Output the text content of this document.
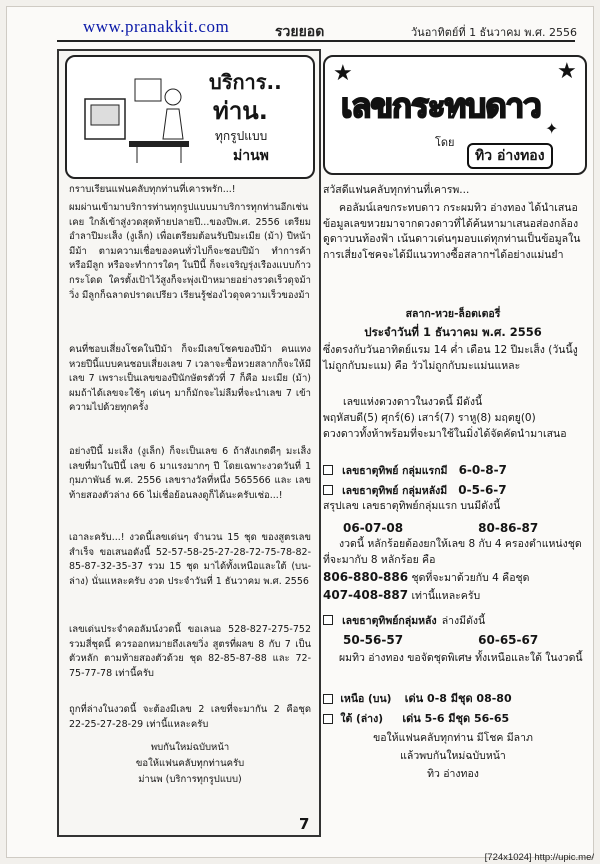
www.pranakkit.com	รวยยอด	วันอาทิตย์ที่ 1 ธันวาคม พ.ศ. 2556
บริการ..
ท่าน.
ทุกรูปแบบ
ม่านพ
กราบเรียนแฟนคลับทุกท่านที่เคารพรัก...!
ผมผ่านเข้ามาบริการท่านทุกรูปแบบมาบริการทุกท่านอีกเช่นเคย ใกล้เข้าสู่งวดสุดท้ายปลายปี...ของปีพ.ศ. 2556 เตรียมอำลาปีมะเส็ง (งูเล็ก) เพื่อเตรียมต้อนรับปีมะเมีย (ม้า) ปีหน้ามีม้า ตามความเชื่อของคนทั่วไปก็จะชอบปีม้า ทำการค้า หรือมีลูก หรือจะทำการใดๆ ในปีนี้ ก็จะเจริญรุ่งเรืองแบบก้าวกระโดด ใครตั้งเป้าไว้สูงก็จะพุ่งเป้าหมายอย่างรวดเร็วดุจม้าวิ่ง มีลูกก็ฉลาดปราดเปรียว เรียนรู้ช่องไวดุจความเร็วของม้า
คนที่ชอบเสี่ยงโชคในปีม้า ก็จะมีเลขโชคของปีม้า คนแทงหวยปีนี้แบบคนชอบเสี่ยงเลข 7 เวลาจะซื้อหวยสลากก็จะให้มีเลข 7 เพราะเป็นเลขของปีนักษัตรตัวที่ 7 ก็คือ มะเมีย (ม้า) ผมถ้าได้เลขจะใช้ๆ เด่นๆ มาก็มักจะไม่ลืมที่จะนำเลข 7 เข้าความไปด้วยทุกครั้ง
อย่างปีนี้ มะเส็ง (งูเล็ก) ก็จะเป็นเลข 6 ถ้าสังเกตดีๆ มะเส็ง เลขที่มาในปีนี้ เลข 6 มาแรงมากๆ ปี โดยเฉพาะงวดวันที่ 1 กุมภาพันธ์ พ.ศ. 2556 เลขรางวัลที่หนึ่ง 565566 และ เลขท้ายสองตัวล่าง 66 ไม่เชื่อย้อนลงดูก็ได้นะครับเช่อ...!
เอาละครับ...! งวดนี้เลขเด่นๆ จำนวน 15 ชุด ของสูตรเลขสำเร็จ ขอเสนอดังนี้ 52-57-58-25-27-28-72-75-78-82-85-87-32-35-37 รวม 15 ชุด มาได้ทั้งเหนือและใต้ (บน-ล่าง) นั่นแหละครับ งวด ประจำวันที่ 1 ธันวาคม พ.ศ. 2556
เลขเด่นประจำคอลัมน์งวดนี้ ขอเลนอ 528-827-275-752 รวมสี่ชุดนี้ ควรออกหมายถึงเลขวิ่ง สูตรที่ผลข 8 กับ 7 เป็นตัวหลัก ตามท้ายสองตัวด้วย ชุด 82-85-87-88 และ 72-75-77-78 เท่านี้ครับ
ถูกที่ล่างในงวดนี้ จะต้องมีเลข 2 เลขที่จะมากัน 2 คือชุด 22-25-27-28-29 เท่านี้แหละครับ
พบกันใหม่ฉบับหน้า
ขอให้แฟนคลับทุกท่านครับ
ม่านพ (บริการทุกรูปแบบ)
★	★
✦
เลขกระทบดาว
โดย
ทิว อ่างทอง
สวัสดีแฟนคลับทุกท่านที่เคารพ...
คอลัมน์เลขกระทบดาว กระผมทิว อ่างทอง ได้นำเสนอข้อมูลเลขหวยมาจากดวงดาวที่ได้ค้นหามาเสนอส่องกล้องดูดาวบนท้องฟ้า เน้นดาวเด่นๆมอบแด่ทุกท่านเป็นข้อมูลในการเสี่ยงโชคจะได้มีแนวทางซื้อสลากฯได้อย่างแม่นยำ
สลาก-หวย-ล็อตเตอรี่
ประจำวันที่ 1 ธันวาคม พ.ศ. 2556
ซึ่งตรงกับวันอาทิตย์แรม 14 ค่ำ เดือน 12 ปีมะเส็ง (วันนี้งูไม่ถูกกับมะแม) คือ วัวไม่ถูกกับมะแม่นแหละ
เลขแห่งดวงดาวในงวดนี้ มีดังนี้
พฤหัสบดี(5) ศุกร์(6) เสาร์(7) ราหู(8) มฤตยู(0)
ดวงดาวทั้งห้าพร้อมที่จะมาใช้ในมิ่งได้จัดคัดนำมาเสนอ
เลขธาตุทิพย์ กลุ่มแรกมี 6-0-8-7
เลขธาตุทิพย์ กลุ่มหลังมี 0-5-6-7
สรุปเลข เลขธาตุทิพย์กลุ่มแรก บนมีดังนี้
06-07-08	80-86-87
งวดนี้ หลักร้อยต้องยกให้เลข 8 กับ 4 ครองตำแหน่งชุดที่จะมากับ 8 หลักร้อย คือ
806-880-886 ชุดที่จะมาด้วยกับ 4 คือชุด
407-408-887 เท่านี้แหละครับ
เลขธาตุทิพย์กลุ่มหลัง ล่างมีดังนี้
50-56-57	60-65-67
ผมทิว อ่างทอง ขอจัดชุดพิเศษ ทั้งเหนือและใต้ ในงวดนี้
เหนือ (บน) เด่น 0-8 มีชุด 08-80
ใต้ (ล่าง) เด่น 5-6 มีชุด 56-65
ขอให้แฟนคลับทุกท่าน มีโชค มีลาภ
แล้วพบกันใหม่ฉบับหน้า
ทิว อ่างทอง
7
[724x1024] http://upic.me/
